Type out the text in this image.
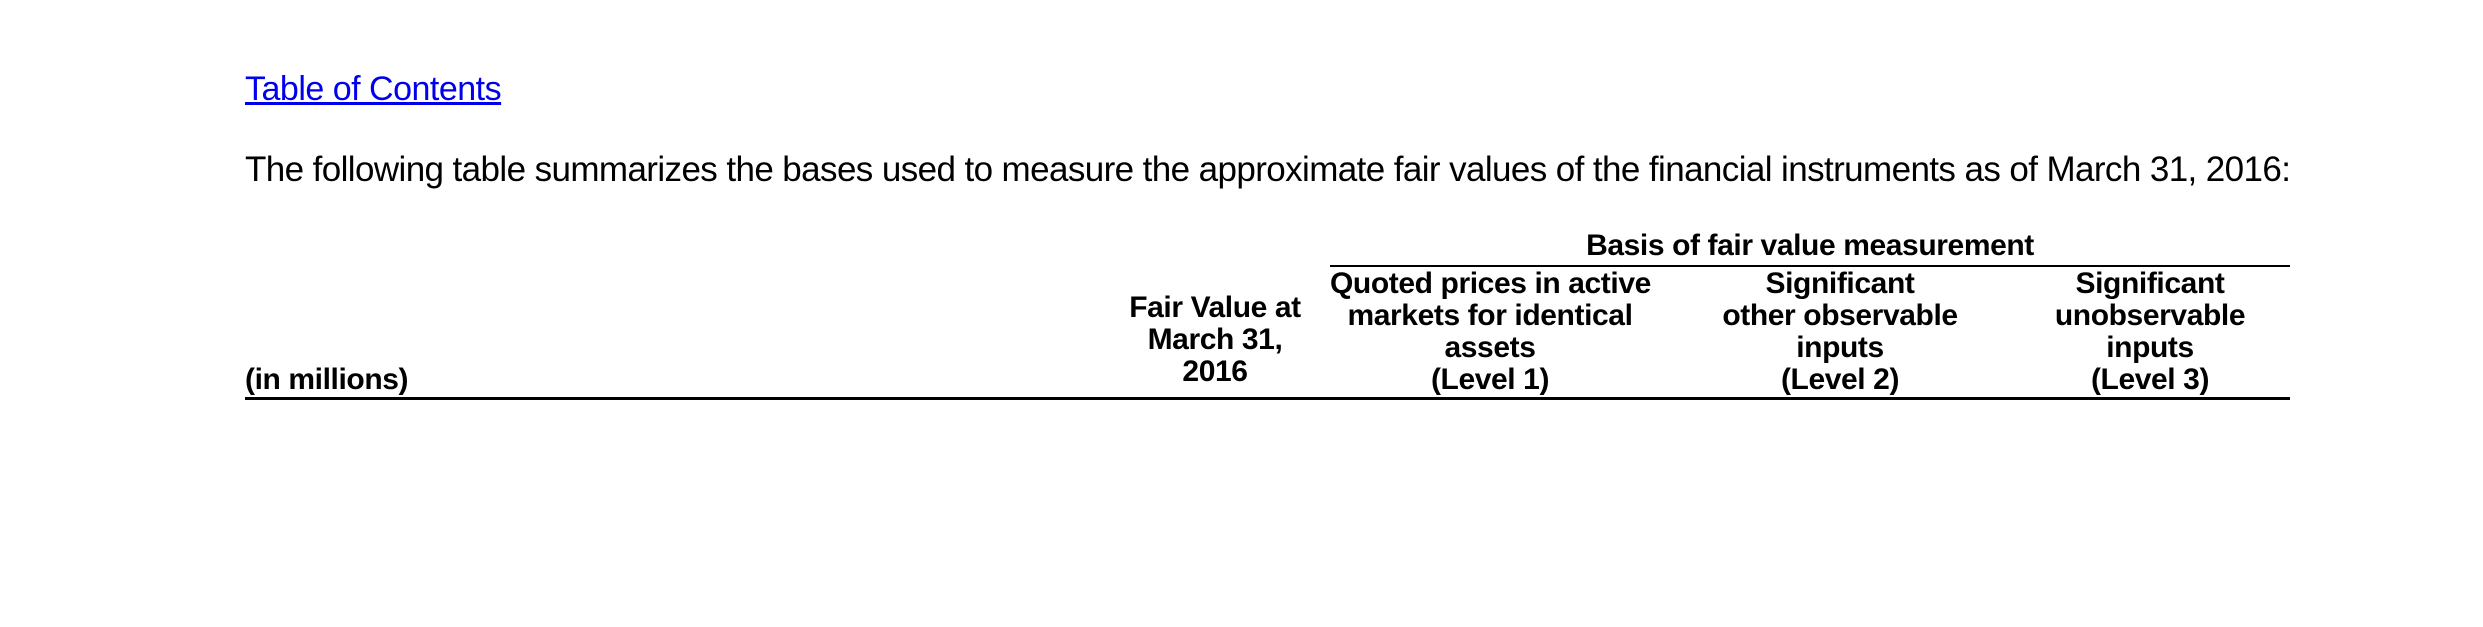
Table of Contents
The following table summarizes the bases used to measure the approximate fair values of the financial instruments as of March 31, 2016:
Basis of fair value measurement
Fair Value at
March 31,
2016
Quoted prices in active
markets for identical
assets
(Level 1)
Significant
other observable
inputs
(Level 2)
Significant
unobservable
inputs
(Level 3)
(in millions)
